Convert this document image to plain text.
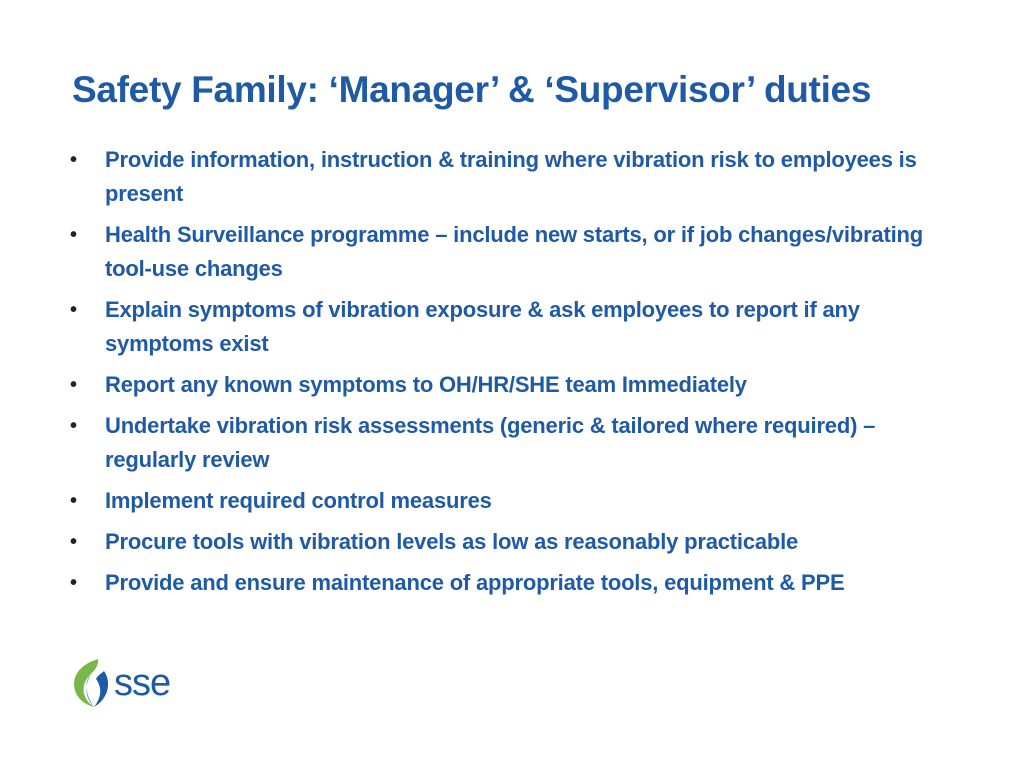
Safety Family: ‘Manager’ & ‘Supervisor’ duties
• Provide information, instruction & training where vibration risk to employees is present
• Health Surveillance programme – include new starts, or if job changes/vibrating tool-use changes
• Explain symptoms of vibration exposure & ask employees to report if any symptoms exist
• Report any known symptoms to OH/HR/SHE team Immediately
• Undertake vibration risk assessments (generic & tailored where required) – regularly review
• Implement required control measures
• Procure tools with vibration levels as low as reasonably practicable
• Provide and ensure maintenance of appropriate tools, equipment & PPE
sse
